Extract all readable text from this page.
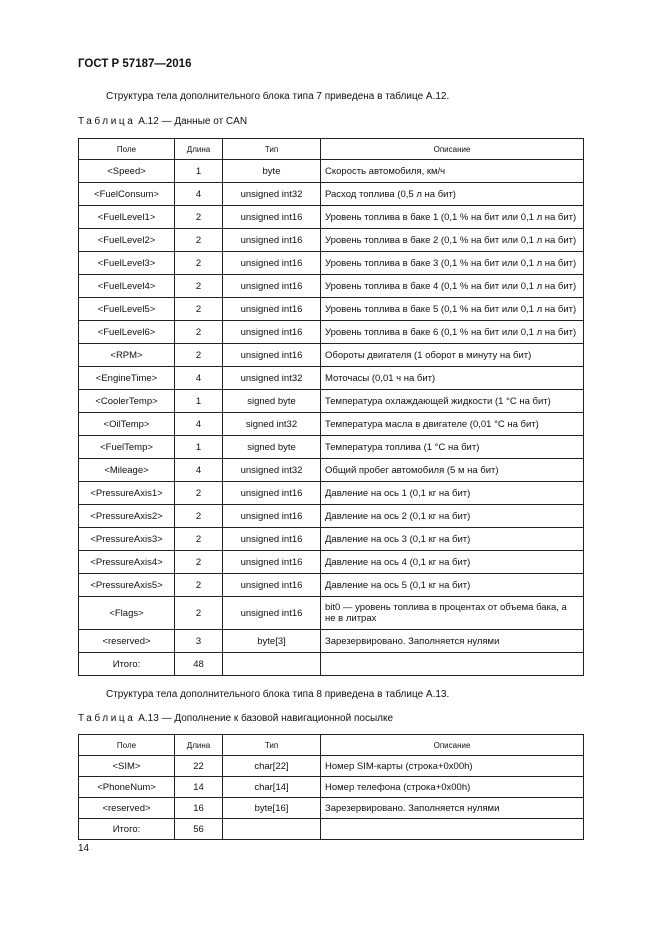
ГОСТ Р 57187—2016
Структура тела дополнительного блока типа 7 приведена в таблице А.12.
Таблица А.12 — Данные от CAN
Поле	Длина	Тип	Описание
<Speed>	1	byte	Скорость автомобиля, км/ч
<FuelConsum>	4	unsigned int32	Расход топлива (0,5 л на бит)
<FuelLevel1>	2	unsigned int16	Уровень топлива в баке 1 (0,1 % на бит или 0,1 л на бит)
<FuelLevel2>	2	unsigned int16	Уровень топлива в баке 2 (0,1 % на бит или 0,1 л на бит)
<FuelLevel3>	2	unsigned int16	Уровень топлива в баке 3 (0,1 % на бит или 0,1 л на бит)
<FuelLevel4>	2	unsigned int16	Уровень топлива в баке 4 (0,1 % на бит или 0,1 л на бит)
<FuelLevel5>	2	unsigned int16	Уровень топлива в баке 5 (0,1 % на бит или 0,1 л на бит)
<FuelLevel6>	2	unsigned int16	Уровень топлива в баке 6 (0,1 % на бит или 0,1 л на бит)
<RPM>	2	unsigned int16	Обороты двигателя (1 оборот в минуту на бит)
<EngineTime>	4	unsigned int32	Моточасы (0,01 ч на бит)
<CoolerTemp>	1	signed byte	Температура охлаждающей жидкости (1 °C на бит)
<OilTemp>	4	signed int32	Температура масла в двигателе (0,01 °C на бит)
<FuelTemp>	1	signed byte	Температура топлива (1 °C на бит)
<Mileage>	4	unsigned int32	Общий пробег автомобиля (5 м на бит)
<PressureAxis1>	2	unsigned int16	Давление на ось 1 (0,1 кг на бит)
<PressureAxis2>	2	unsigned int16	Давление на ось 2 (0,1 кг на бит)
<PressureAxis3>	2	unsigned int16	Давление на ось 3 (0,1 кг на бит)
<PressureAxis4>	2	unsigned int16	Давление на ось 4 (0,1 кг на бит)
<PressureAxis5>	2	unsigned int16	Давление на ось 5 (0,1 кг на бит)
<Flags>	2	unsigned int16	bit0 — уровень топлива в процентах от объема бака, а не в литрах
<reserved>	3	byte[3]	Зарезервировано. Заполняется нулями
Итого:	48		
Структура тела дополнительного блока типа 8 приведена в таблице А.13.
Таблица А.13 — Дополнение к базовой навигационной посылке
Поле	Длина	Тип	Описание
<SIM>	22	char[22]	Номер SIM-карты (строка+0x00h)
<PhoneNum>	14	char[14]	Номер телефона (строка+0x00h)
<reserved>	16	byte[16]	Зарезервировано. Заполняется нулями
Итого:	56		
14
